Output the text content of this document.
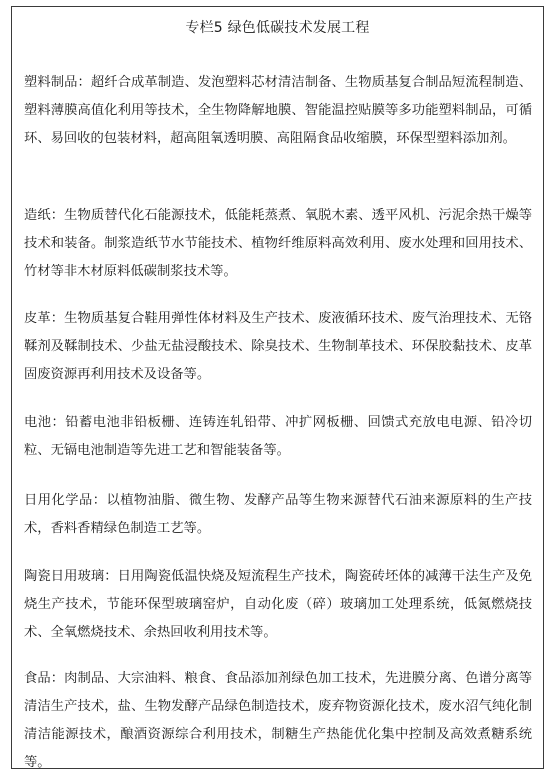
专栏5 绿色低碳技术发展工程
塑料制品：超纤合成革制造、发泡塑料芯材清洁制备、生物质基复合制品短流程制造、塑料薄膜高值化利用等技术，全生物降解地膜、智能温控贴膜等多功能塑料制品，可循环、易回收的包装材料，超高阻氧透明膜、高阻隔食品收缩膜，环保型塑料添加剂。
造纸：生物质替代化石能源技术，低能耗蒸煮、氧脱木素、透平风机、污泥余热干燥等技术和装备。制浆造纸节水节能技术、植物纤维原料高效利用、废水处理和回用技术、竹材等非木材原料低碳制浆技术等。
皮革：生物质基复合鞋用弹性体材料及生产技术、废液循环技术、废气治理技术、无铬鞣剂及鞣制技术、少盐无盐浸酸技术、除臭技术、生物制革技术、环保胶黏技术、皮革固废资源再利用技术及设备等。
电池：铅蓄电池非铅板栅、连铸连轧铅带、冲扩网板栅、回馈式充放电电源、铅冷切粒、无镉电池制造等先进工艺和智能装备等。
日用化学品：以植物油脂、微生物、发酵产品等生物来源替代石油来源原料的生产技术，香料香精绿色制造工艺等。
陶瓷日用玻璃：日用陶瓷低温快烧及短流程生产技术，陶瓷砖坯体的减薄干法生产及免烧生产技术，节能环保型玻璃窑炉，自动化废（碎）玻璃加工处理系统，低氮燃烧技术、全氧燃烧技术、余热回收利用技术等。
食品：肉制品、大宗油料、粮食、食品添加剂绿色加工技术，先进膜分离、色谱分离等清洁生产技术，盐、生物发酵产品绿色制造技术，废弃物资源化技术，废水沼气纯化制清洁能源技术，酿酒资源综合利用技术，制糖生产热能优化集中控制及高效煮糖系统等。
